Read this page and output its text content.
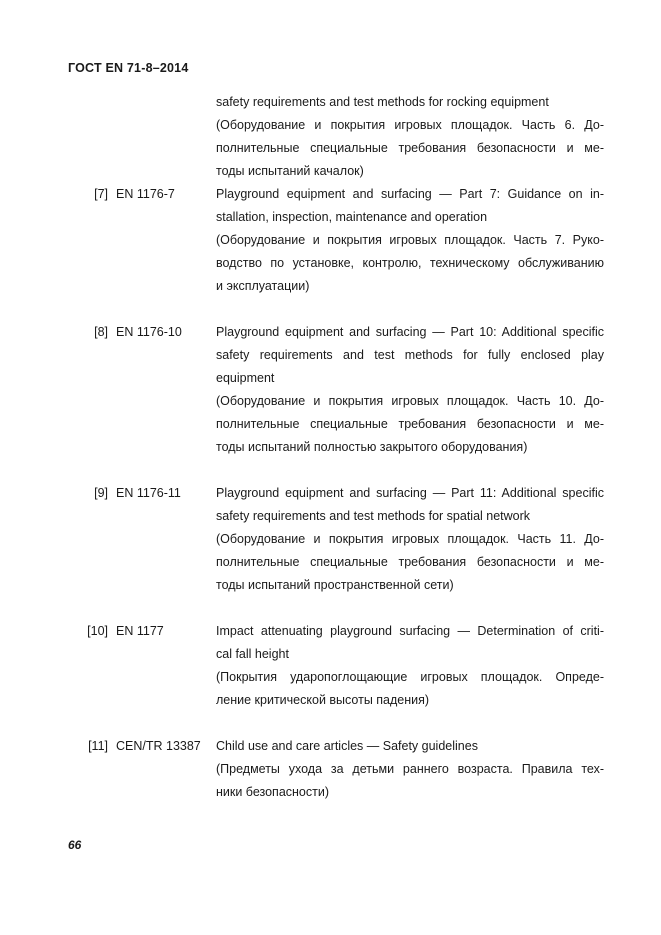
ГОСТ EN 71-8–2014
safety requirements and test methods for rocking equipment
(Оборудование и покрытия игровых площадок. Часть 6. До-
полнительные специальные требования безопасности и ме-
тоды испытаний качалок)
[7] EN 1176-7	Playground equipment and surfacing — Part 7: Guidance on in-
stallation, inspection, maintenance and operation
(Оборудование и покрытия игровых площадок. Часть 7. Руко-
водство по установке, контролю, техническому обслуживанию
и эксплуатации)
[8] EN 1176-10	Playground equipment and surfacing — Part 10: Additional specific
safety requirements and test methods for fully enclosed play
equipment
(Оборудование и покрытия игровых площадок. Часть 10. До-
полнительные специальные требования безопасности и ме-
тоды испытаний полностью закрытого оборудования)
[9] EN 1176-11	Playground equipment and surfacing — Part 11: Additional specific
safety requirements and test methods for spatial network
(Оборудование и покрытия игровых площадок. Часть 11. До-
полнительные специальные требования безопасности и ме-
тоды испытаний пространственной сети)
[10] EN 1177	Impact attenuating playground surfacing — Determination of criti-
cal fall height
(Покрытия ударопоглощающие игровых площадок. Опреде-
ление критической высоты падения)
[11] CEN/TR 13387 Child use and care articles — Safety guidelines
(Предметы ухода за детьми раннего возраста. Правила тех-
ники безопасности)
66
